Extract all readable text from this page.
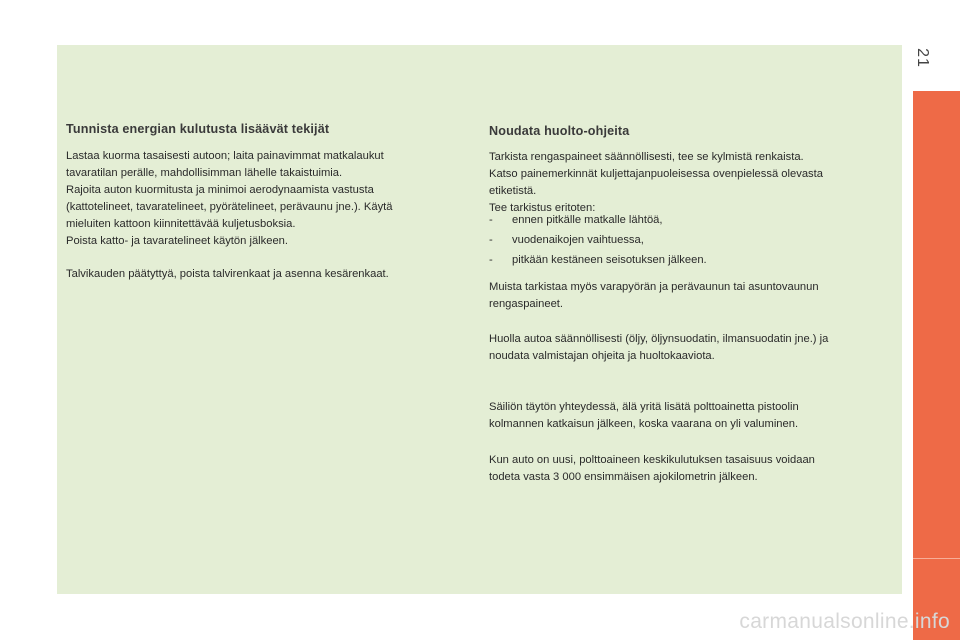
Tunnista energian kulutusta lisäävät tekijät

Lastaa kuorma tasaisesti autoon; laita painavimmat matkalaukut
tavaratilan perälle, mahdollisimman lähelle takaistuimia.
Rajoita auton kuormitusta ja minimoi aerodynaamista vastusta
(kattotelineet, tavaratelineet, pyörätelineet, perävaunu jne.). Käytä
mieluiten kattoon kiinnitettävää kuljetusboksia.
Poista katto- ja tavaratelineet käytön jälkeen.

Talvikauden päätyttyä, poista talvirenkaat ja asenna kesärenkaat.

Noudata huolto-ohjeita

Tarkista rengaspaineet säännöllisesti, tee se kylmistä renkaista.
Katso painemerkinnät kuljettajanpuoleisessa ovenpielessä olevasta
etiketistä.
Tee tarkistus eritoten:

- ennen pitkälle matkalle lähtöä,
- vuodenaikojen vaihtuessa,
- pitkään kestäneen seisotuksen jälkeen.

Muista tarkistaa myös varapyörän ja perävaunun tai asuntovaunun
rengaspaineet.

Huolla autoa säännöllisesti (öljy, öljynsuodatin, ilmansuodatin jne.) ja
noudata valmistajan ohjeita ja huoltokaaviota.

Säiliön täytön yhteydessä, älä yritä lisätä polttoainetta pistoolin
kolmannen katkaisun jälkeen, koska vaarana on yli valuminen.

Kun auto on uusi, polttoaineen keskikulutuksen tasaisuus voidaan
todeta vasta 3 000 ensimmäisen ajokilometrin jälkeen.

21
carmanualsonline.info
